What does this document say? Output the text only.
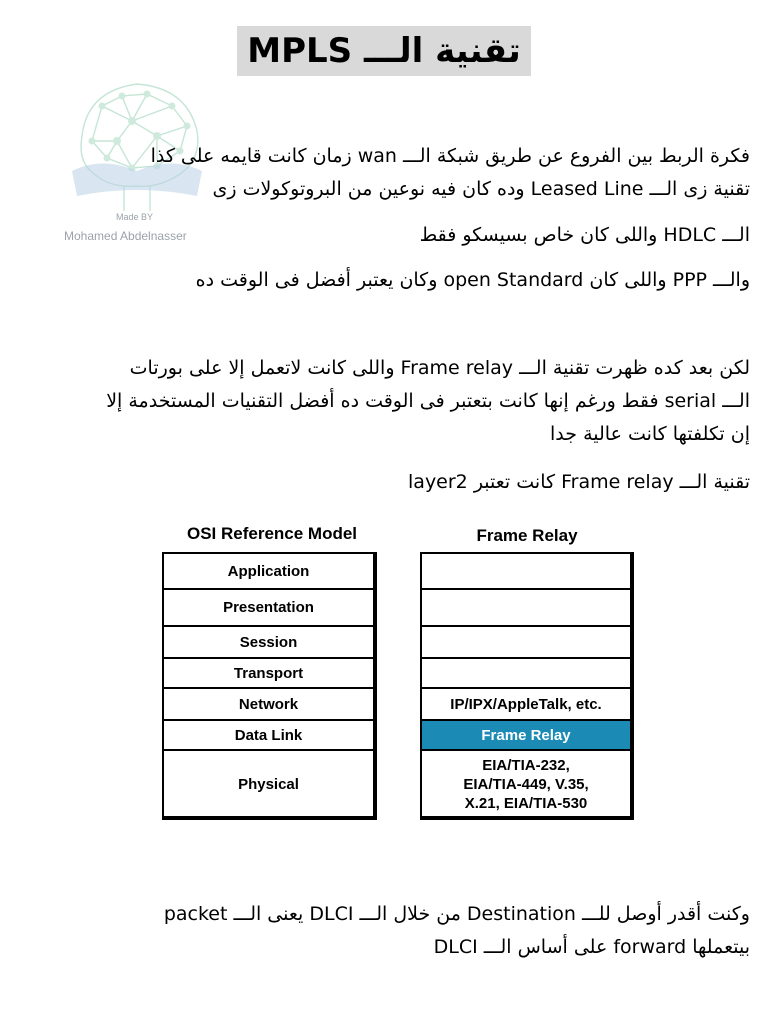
تقنية الـــ MPLS
Made BY
Mohamed Abdelnasser
فكرة الربط بين الفروع عن طريق شبكة الـــ wan زمان كانت قايمه على كذا
تقنية زى الـــ Leased Line وده كان فيه نوعين من البروتوكولات زى
الـــ HDLC واللى كان خاص بسيسكو فقط
والـــ PPP واللى كان open Standard وكان يعتبر أفضل فى الوقت ده
لكن بعد كده ظهرت تقنية الـــ Frame relay واللى كانت لاتعمل إلا على بورتات
الـــ serial فقط ورغم إنها كانت بتعتبر فى الوقت ده أفضل التقنيات المستخدمة إلا
إن تكلفتها كانت عالية جدا
تقنية الـــ Frame relay كانت تعتبر layer2
OSI Reference Model	Frame Relay
Application
Presentation
Session
Transport
Network
Data Link
Physical
IP/IPX/AppleTalk, etc.
Frame Relay
EIA/TIA-232,
EIA/TIA-449, V.35,
X.21, EIA/TIA-530
وكنت أقدر أوصل للـــ Destination من خلال الـــ DLCI يعنى الـــ packet
بيتعملها forward على أساس الـــ DLCI
